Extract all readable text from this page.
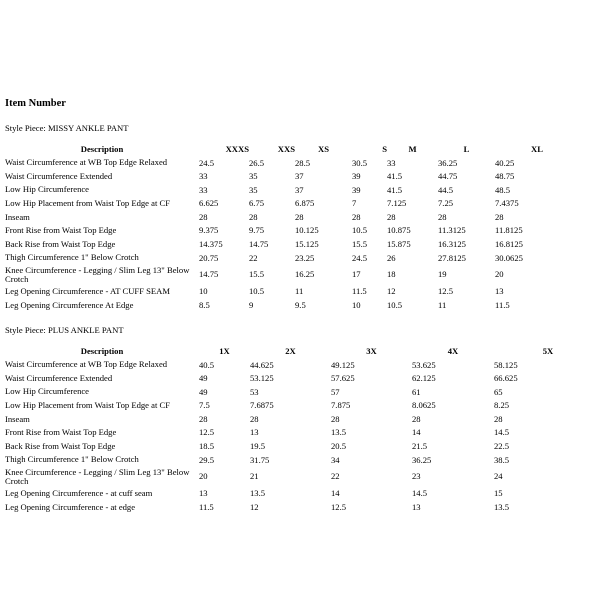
Item Number
Style Piece: MISSY ANKLE PANT
Description	XXXS	XXS	XS	S	M	L	XL
Waist Circumference at WB Top Edge Relaxed	24.5	26.5	28.5	30.5	33	36.25	40.25
Waist Circumference Extended	33	35	37	39	41.5	44.75	48.75
Low Hip Circumference	33	35	37	39	41.5	44.5	48.5
Low Hip Placement from Waist Top Edge at CF	6.625	6.75	6.875	7	7.125	7.25	7.4375
Inseam	28	28	28	28	28	28	28
Front Rise from Waist Top Edge	9.375	9.75	10.125	10.5	10.875	11.3125	11.8125
Back Rise from Waist Top Edge	14.375	14.75	15.125	15.5	15.875	16.3125	16.8125
Thigh Circumference 1" Below Crotch	20.75	22	23.25	24.5	26	27.8125	30.0625
Knee Circumference - Legging / Slim Leg 13" Below Crotch	14.75	15.5	16.25	17	18	19	20
Leg Opening Circumference - AT CUFF SEAM	10	10.5	11	11.5	12	12.5	13
Leg Opening Circumference At Edge	8.5	9	9.5	10	10.5	11	11.5
Style Piece: PLUS ANKLE PANT
Description	1X	2X	3X	4X	5X
Waist Circumference at WB Top Edge Relaxed	40.5	44.625	49.125	53.625	58.125
Waist Circumference Extended	49	53.125	57.625	62.125	66.625
Low Hip Circumference	49	53	57	61	65
Low Hip Placement from Waist Top Edge at CF	7.5	7.6875	7.875	8.0625	8.25
Inseam	28	28	28	28	28
Front Rise from Waist Top Edge	12.5	13	13.5	14	14.5
Back Rise from Waist Top Edge	18.5	19.5	20.5	21.5	22.5
Thigh Circumference 1" Below Crotch	29.5	31.75	34	36.25	38.5
Knee Circumference - Legging / Slim Leg 13" Below Crotch	20	21	22	23	24
Leg Opening Circumference - at cuff seam	13	13.5	14	14.5	15
Leg Opening Circumference - at edge	11.5	12	12.5	13	13.5
